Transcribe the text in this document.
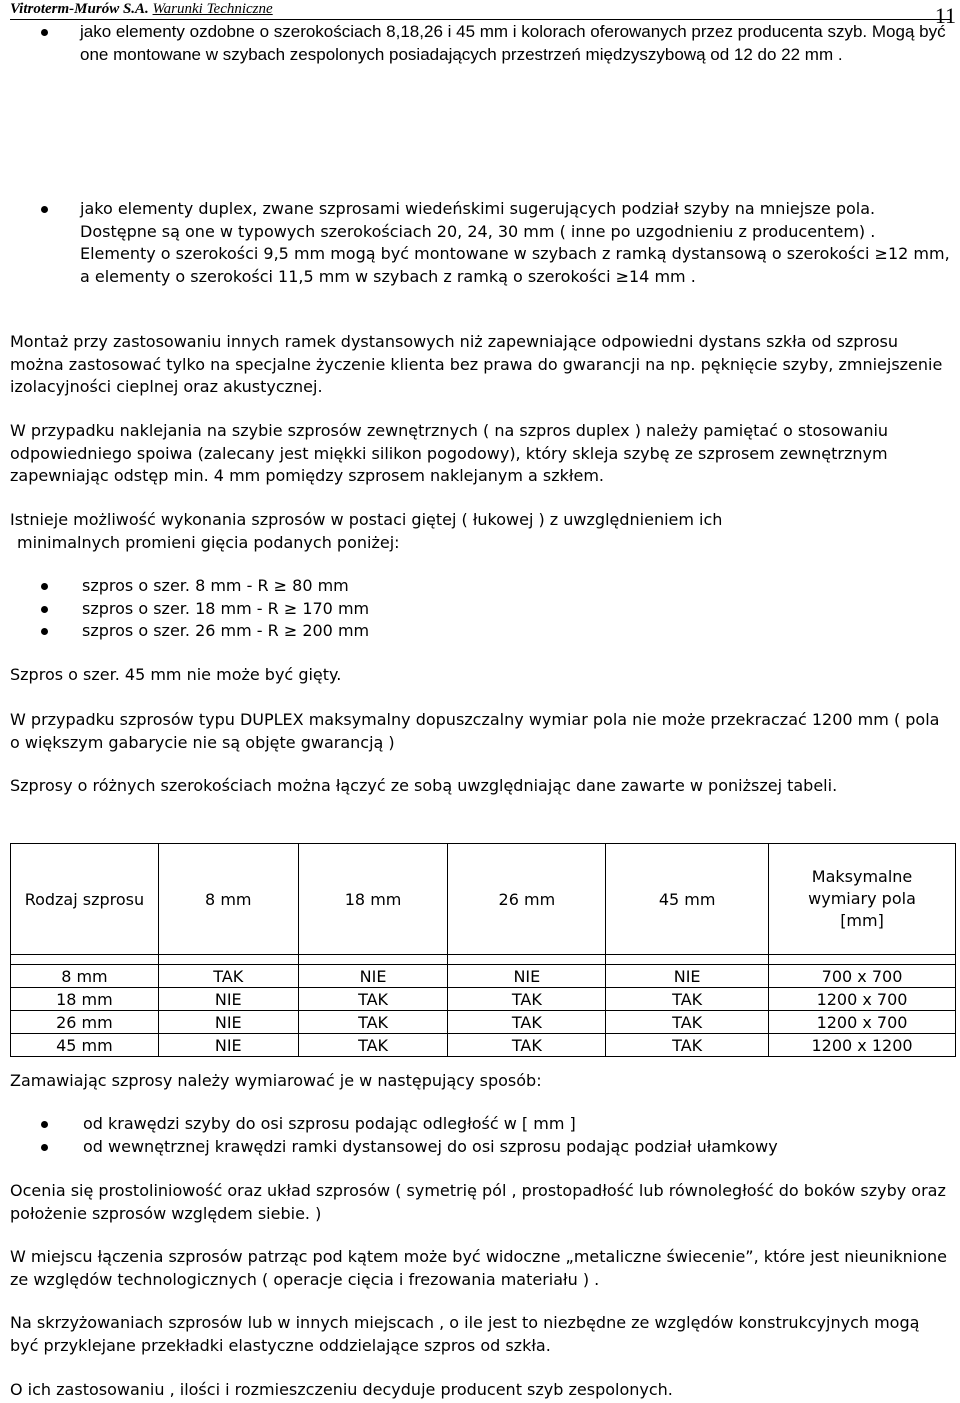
Vitroterm-Murów S.A. Warunki Techniczne	11
jako elementy ozdobne o szerokościach 8,18,26 i 45 mm i kolorach oferowanych przez producenta szyb. Mogą być one montowane w szybach zespolonych posiadających przestrzeń międzyszybową od 12 do 22 mm .
jako elementy duplex, zwane szprosami wiedeńskimi sugerujących podział szyby na mniejsze pola. Dostępne są one w typowych szerokościach 20, 24, 30 mm ( inne po uzgodnieniu z producentem) . Elementy o szerokości 9,5 mm mogą być montowane w szybach z ramką dystansową o szerokości ≥12 mm, a elementy o szerokości 11,5 mm w szybach z ramką o szerokości ≥14 mm .

Montaż przy zastosowaniu innych ramek dystansowych niż zapewniające odpowiedni dystans szkła od szprosu można zastosować tylko na specjalne życzenie klienta bez prawa do gwarancji na np. pęknięcie szyby, zmniejszenie izolacyjności cieplnej oraz akustycznej.

W przypadku naklejania na szybie szprosów zewnętrznych ( na szpros duplex ) należy pamiętać o stosowaniu odpowiedniego spoiwa (zalecany jest miękki silikon pogodowy), który skleja szybę ze szprosem zewnętrznym zapewniając odstęp min. 4 mm pomiędzy szprosem naklejanym a szkłem.

Istnieje możliwość wykonania szprosów w postaci giętej ( łukowej ) z uwzględnieniem ich

minimalnych promieni gięcia podanych poniżej:

szpros o szer. 8 mm - R ≥ 80 mm
szpros o szer. 18 mm - R ≥ 170 mm
szpros o szer. 26 mm - R ≥ 200 mm

Szpros o szer. 45 mm nie może być gięty.

W przypadku szprosów typu DUPLEX maksymalny dopuszczalny wymiar pola nie może przekraczać 1200 mm ( pola o większym gabarycie nie są objęte gwarancją )

Szprosy o różnych szerokościach można łączyć ze sobą uwzględniając dane zawarte w poniższej tabeli.

Rodzaj szprosu	8 mm	18 mm	26 mm	45 mm	Maksymalne wymiary pola [mm]

8 mm	TAK	NIE	NIE	NIE	700 x 700
18 mm	NIE	TAK	TAK	TAK	1200 x 700
26 mm	NIE	TAK	TAK	TAK	1200 x 700
45 mm	NIE	TAK	TAK	TAK	1200 x 1200

Zamawiając szprosy należy wymiarować je w następujący sposób:

od krawędzi szyby do osi szprosu podając odległość w [ mm ]
od wewnętrznej krawędzi ramki dystansowej do osi szprosu podając podział ułamkowy

Ocenia się prostoliniowość oraz układ szprosów ( symetrię pól , prostopadłość lub równoległość do boków szyby oraz położenie szprosów względem siebie. )

W miejscu łączenia szprosów patrząc pod kątem może być widoczne „metaliczne świecenie”, które jest nieuniknione ze względów technologicznych ( operacje cięcia i frezowania materiału ) .

Na skrzyżowaniach szprosów lub w innych miejscach , o ile jest to niezbędne ze względów konstrukcyjnych mogą być przyklejane przekładki elastyczne oddzielające szpros od szkła.

O ich zastosowaniu , ilości i rozmieszczeniu decyduje producent szyb zespolonych.
